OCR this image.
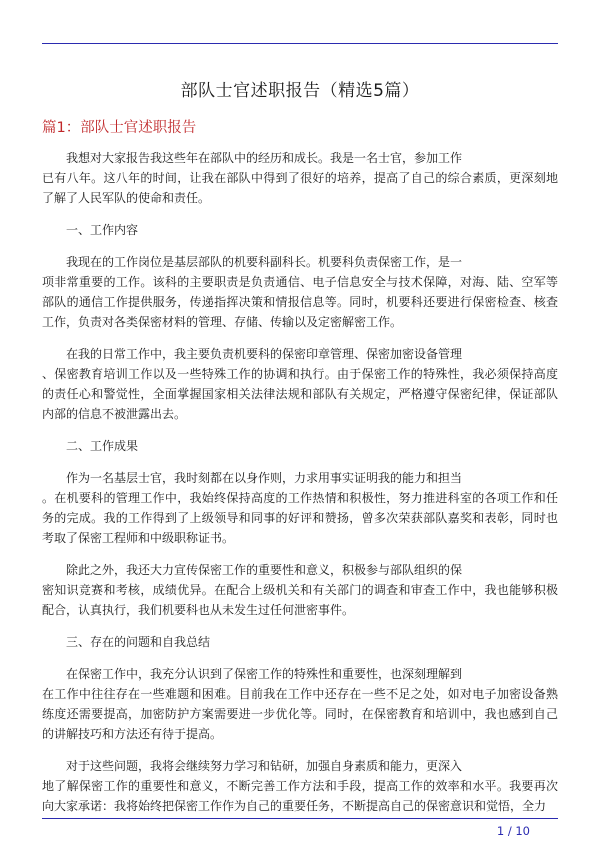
部队士官述职报告（精选5篇）
篇1：部队士官述职报告

我想对大家报告我这些年在部队中的经历和成长。我是一名士官，参加工作
已有八年。这八年的时间，让我在部队中得到了很好的培养，提高了自己的综合素质，更深刻地
了解了人民军队的使命和责任。

一、工作内容

我现在的工作岗位是基层部队的机要科副科长。机要科负责保密工作，是一
项非常重要的工作。该科的主要职责是负责通信、电子信息安全与技术保障，对海、陆、空军等
部队的通信工作提供服务，传递指挥决策和情报信息等。同时，机要科还要进行保密检查、核查
工作，负责对各类保密材料的管理、存储、传输以及定密解密工作。

在我的日常工作中，我主要负责机要科的保密印章管理、保密加密设备管理
、保密教育培训工作以及一些特殊工作的协调和执行。由于保密工作的特殊性，我必须保持高度
的责任心和警觉性，全面掌握国家相关法律法规和部队有关规定，严格遵守保密纪律，保证部队
内部的信息不被泄露出去。

二、工作成果

作为一名基层士官，我时刻都在以身作则，力求用事实证明我的能力和担当
。在机要科的管理工作中，我始终保持高度的工作热情和积极性，努力推进科室的各项工作和任
务的完成。我的工作得到了上级领导和同事的好评和赞扬，曾多次荣获部队嘉奖和表彰，同时也
考取了保密工程师和中级职称证书。

除此之外，我还大力宣传保密工作的重要性和意义，积极参与部队组织的保
密知识竞赛和考核，成绩优异。在配合上级机关和有关部门的调查和审查工作中，我也能够积极
配合，认真执行，我们机要科也从未发生过任何泄密事件。

三、存在的问题和自我总结

在保密工作中，我充分认识到了保密工作的特殊性和重要性，也深刻理解到
在工作中往往存在一些难题和困难。目前我在工作中还存在一些不足之处，如对电子加密设备熟
练度还需要提高，加密防护方案需要进一步优化等。同时，在保密教育和培训中，我也感到自己
的讲解技巧和方法还有待于提高。

对于这些问题，我将会继续努力学习和钻研，加强自身素质和能力，更深入
地了解保密工作的重要性和意义，不断完善工作方法和手段，提高工作的效率和水平。我要再次
向大家承诺：我将始终把保密工作作为自己的重要任务，不断提高自己的保密意识和觉悟，全力

1 / 10
